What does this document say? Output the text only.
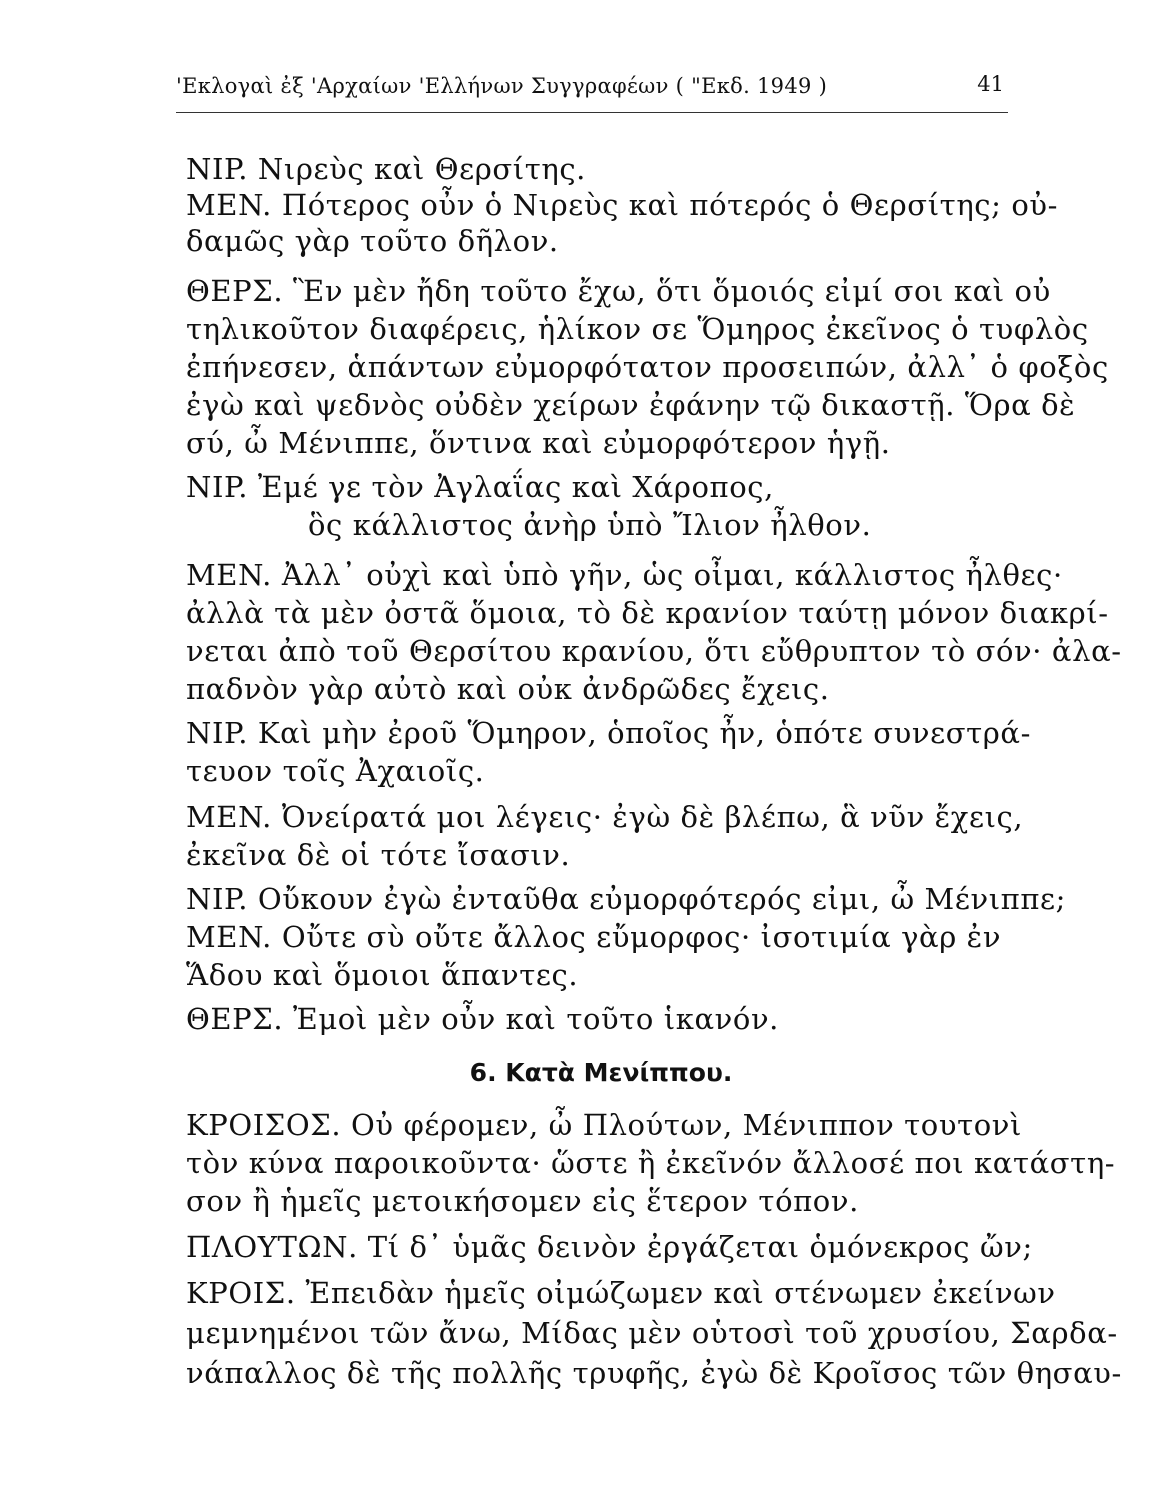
'Εκλογαὶ ἐξ 'Αρχαίων 'Ελλήνων Συγγραφέων ( "Εκδ. 1949 )	41
NIP. Νιρεὺς καὶ Θερσίτης.
MEN. Πότερος οὖν ὁ Νιρεὺς καὶ πότερός ὁ Θερσίτης; οὐ-
δαμῶς γὰρ τοῦτο δῆλον.
ΘΕΡΣ. Ἓν μὲν ἤδη τοῦτο ἔχω, ὅτι ὅμοιός εἰμί σοι καὶ οὐ
τηλικοῦτον διαφέρεις, ἡλίκον σε Ὅμηρος ἐκεῖνος ὁ τυφλὸς
ἐπήνεσεν, ἁπάντων εὐμορφότατον προσειπών, ἀλλ᾽ ὁ φοξὸς
ἐγὼ καὶ ψεδνὸς οὐδὲν χείρων ἐφάνην τῷ δικαστῇ. Ὅρα δὲ
σύ, ὦ Μένιππε, ὅντινα καὶ εὐμορφότερον ἡγῇ.
NIP. Ἐμέ γε τὸν Ἀγλαΐας καὶ Χάροπος,
ὃς κάλλιστος ἀνὴρ ὑπὸ Ἴλιον ἦλθον.
MEN. Ἀλλ᾽ οὐχὶ καὶ ὑπὸ γῆν, ὡς οἶμαι, κάλλιστος ἦλθες·
ἀλλὰ τὰ μὲν ὀστᾶ ὅμοια, τὸ δὲ κρανίον ταύτῃ μόνον διακρί-
νεται ἀπὸ τοῦ Θερσίτου κρανίου, ὅτι εὔθρυπτον τὸ σόν· ἀλα-
παδνὸν γὰρ αὐτὸ καὶ οὐκ ἀνδρῶδες ἔχεις.
NIP. Καὶ μὴν ἐροῦ Ὅμηρον, ὁποῖος ἦν, ὁπότε συνεστρά-
τευον τοῖς Ἀχαιοῖς.
MEN. Ὀνείρατά μοι λέγεις· ἐγὼ δὲ βλέπω, ἃ νῦν ἔχεις,
ἐκεῖνα δὲ οἱ τότε ἴσασιν.
NIP. Οὔκουν ἐγὼ ἐνταῦθα εὐμορφότερός εἰμι, ὦ Μένιππε;
MEN. Οὔτε σὺ οὔτε ἄλλος εὔμορφος· ἰσοτιμία γὰρ ἐν
Ἅδου καὶ ὅμοιοι ἅπαντες.
ΘΕΡΣ. Ἐμοὶ μὲν οὖν καὶ τοῦτο ἱκανόν.
6. Κατὰ Μενίππου.
ΚΡΟΙΣΟΣ. Οὐ φέρομεν, ὦ Πλούτων, Μένιππον τουτονὶ
τὸν κύνα παροικοῦντα· ὥστε ἢ ἐκεῖνόν ἄλλοσέ ποι κατάστη-
σον ἢ ἡμεῖς μετοικήσομεν εἰς ἕτερον τόπον.
ΠΛΟΥΤΩΝ. Τί δ᾽ ὑμᾶς δεινὸν ἐργάζεται ὁμόνεκρος ὤν;
ΚΡΟΙΣ. Ἐπειδὰν ἡμεῖς οἰμώζωμεν καὶ στένωμεν ἐκείνων
μεμνημένοι τῶν ἄνω, Μίδας μὲν οὑτοσὶ τοῦ χρυσίου, Σαρδα-
νάπαλλος δὲ τῆς πολλῆς τρυφῆς, ἐγὼ δὲ Κροῖσος τῶν θησαυ-
